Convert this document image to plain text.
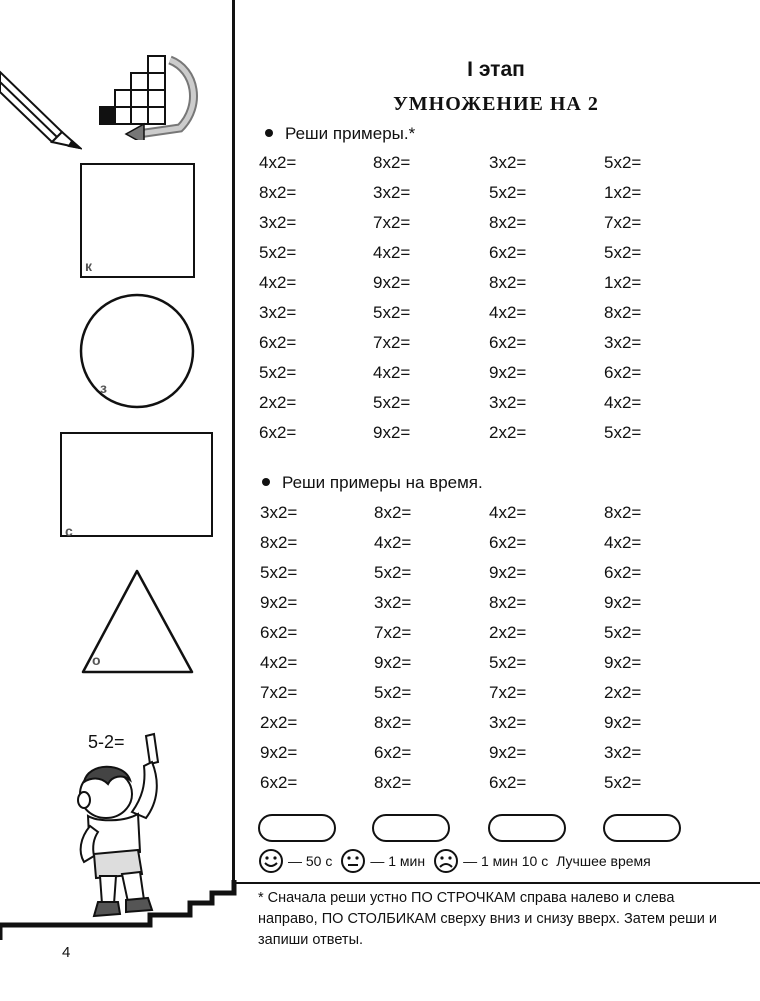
к
з
с
о
5-2=
I этап
УМНОЖЕНИЕ НА 2
Реши примеры.*
4x2=	8x2=	3x2=	5x2=
8x2=	3x2=	5x2=	1x2=
3x2=	7x2=	8x2=	7x2=
5x2=	4x2=	6x2=	5x2=
4x2=	9x2=	8x2=	1x2=
3x2=	5x2=	4x2=	8x2=
6x2=	7x2=	6x2=	3x2=
5x2=	4x2=	9x2=	6x2=
2x2=	5x2=	3x2=	4x2=
6x2=	9x2=	2x2=	5x2=
Реши примеры на время.
3x2=	8x2=	4x2=	8x2=
8x2=	4x2=	6x2=	4x2=
5x2=	5x2=	9x2=	6x2=
9x2=	3x2=	8x2=	9x2=
6x2=	7x2=	2x2=	5x2=
4x2=	9x2=	5x2=	9x2=
7x2=	5x2=	7x2=	2x2=
2x2=	8x2=	3x2=	9x2=
9x2=	6x2=	9x2=	3x2=
6x2=	8x2=	6x2=	5x2=
— 50 с	— 1 мин	— 1 мин 10 с Лучшее время
* Сначала реши устно ПО СТРОЧКАМ справа налево и слева направо, ПО СТОЛБИКАМ сверху вниз и снизу вверх. Затем реши и запиши ответы.
4
